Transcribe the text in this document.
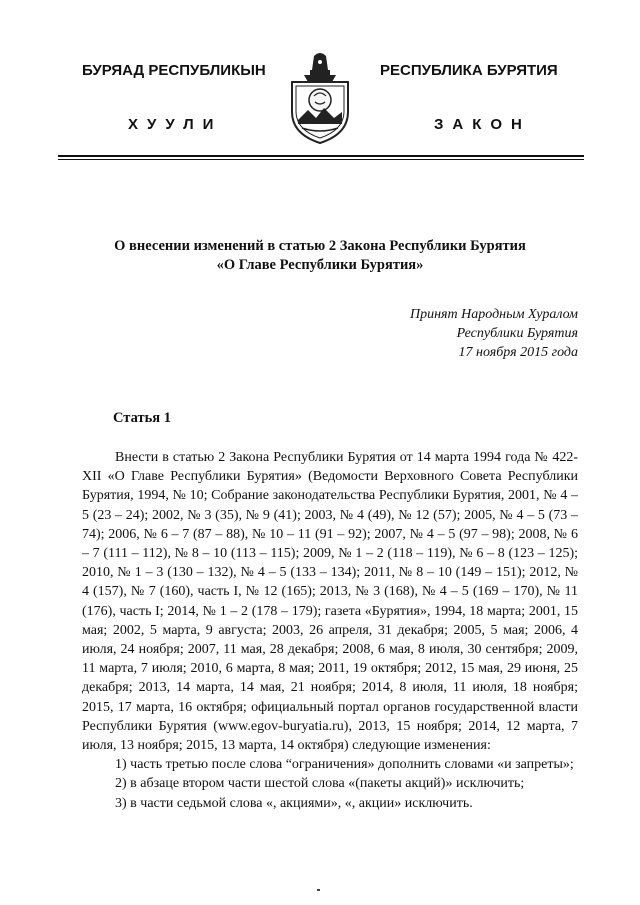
БУРЯАД РЕСПУБЛИКЫН	РЕСПУБЛИКА БУРЯТИЯ
ХУУЛИ	ЗАКОН
О внесении изменений в статью 2 Закона Республики Бурятия
«О Главе Республики Бурятия»
Принят Народным Хуралом
Республики Бурятия
17 ноября 2015 года
Статья 1

Внести в статью 2 Закона Республики Бурятия от 14 марта 1994 года № 422-XII «О Главе Республики Бурятия» (Ведомости Верховного Совета Республики Бурятия, 1994, № 10; Собрание законодательства Республики Бурятия, 2001, № 4 – 5 (23 – 24); 2002, № 3 (35), № 9 (41); 2003, № 4 (49), № 12 (57); 2005, № 4 – 5 (73 – 74); 2006, № 6 – 7 (87 – 88), № 10 – 11 (91 – 92); 2007, № 4 – 5 (97 – 98); 2008, № 6 – 7 (111 – 112), № 8 – 10 (113 – 115); 2009, № 1 – 2 (118 – 119), № 6 – 8 (123 – 125); 2010, № 1 – 3 (130 – 132), № 4 – 5 (133 – 134); 2011, № 8 – 10 (149 – 151); 2012, № 4 (157), № 7 (160), часть I, № 12 (165); 2013, № 3 (168), № 4 – 5 (169 – 170), № 11 (176), часть I; 2014, № 1 – 2 (178 – 179); газета «Бурятия», 1994, 18 марта; 2001, 15 мая; 2002, 5 марта, 9 августа; 2003, 26 апреля, 31 декабря; 2005, 5 мая; 2006, 4 июля, 24 ноября; 2007, 11 мая, 28 декабря; 2008, 6 мая, 8 июля, 30 сентября; 2009, 11 марта, 7 июля; 2010, 6 марта, 8 мая; 2011, 19 октября; 2012, 15 мая, 29 июня, 25 декабря; 2013, 14 марта, 14 мая, 21 ноября; 2014, 8 июля, 11 июля, 18 ноября; 2015, 17 марта, 16 октября; официальный портал органов государственной власти Республики Бурятия (www.egov-buryatia.ru), 2013, 15 ноября; 2014, 12 марта, 7 июля, 13 ноября; 2015, 13 марта, 14 октября) следующие изменения:

1) часть третью после слова “ограничения» дополнить словами «и запреты»;

2) в абзаце втором части шестой слова «(пакеты акций)» исключить;

3) в части седьмой слова «, акциями», «, акции» исключить.
